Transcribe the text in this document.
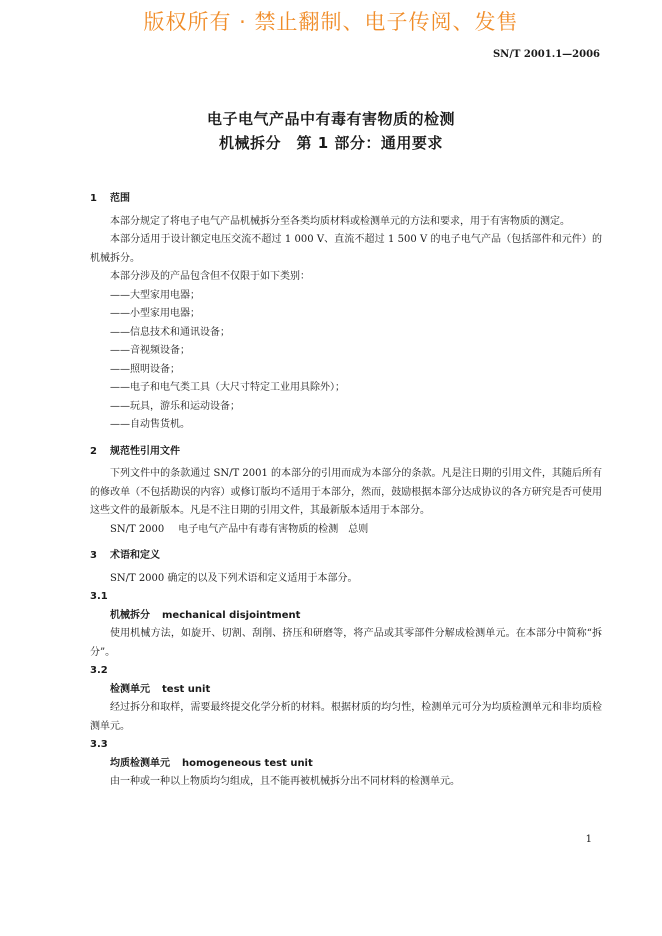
版权所有 · 禁止翻制、电子传阅、发售
SN/T 2001.1—2006
电子电气产品中有毒有害物质的检测
机械拆分　第 1 部分：通用要求
1 范围

本部分规定了将电子电气产品机械拆分至各类均质材料或检测单元的方法和要求，用于有害物质的测定。

本部分适用于设计额定电压交流不超过 1 000 V、直流不超过 1 500 V 的电子电气产品（包括部件和元件）的机械拆分。

本部分涉及的产品包含但不仅限于如下类别：

——大型家用电器；
——小型家用电器；
——信息技术和通讯设备；
——音视频设备；
——照明设备；
——电子和电气类工具（大尺寸特定工业用具除外）；
——玩具，游乐和运动设备；
——自动售货机。
2 规范性引用文件

下列文件中的条款通过 SN/T 2001 的本部分的引用而成为本部分的条款。凡是注日期的引用文件，其随后所有的修改单（不包括勘误的内容）或修订版均不适用于本部分，然而，鼓励根据本部分达成协议的各方研究是否可使用这些文件的最新版本。凡是不注日期的引用文件，其最新版本适用于本部分。

SN/T 2000 电子电气产品中有毒有害物质的检测　总则
3 术语和定义

SN/T 2000 确定的以及下列术语和定义适用于本部分。

3.1
机械拆分 mechanical disjointment

使用机械方法，如旋开、切割、刮削、挤压和研磨等，将产品或其零部件分解成检测单元。在本部分中简称“拆分”。

3.2
检测单元 test unit

经过拆分和取样，需要最终提交化学分析的材料。根据材质的均匀性，检测单元可分为均质检测单元和非均质检测单元。

3.3
均质检测单元 homogeneous test unit

由一种或一种以上物质均匀组成，且不能再被机械拆分出不同材料的检测单元。

1
